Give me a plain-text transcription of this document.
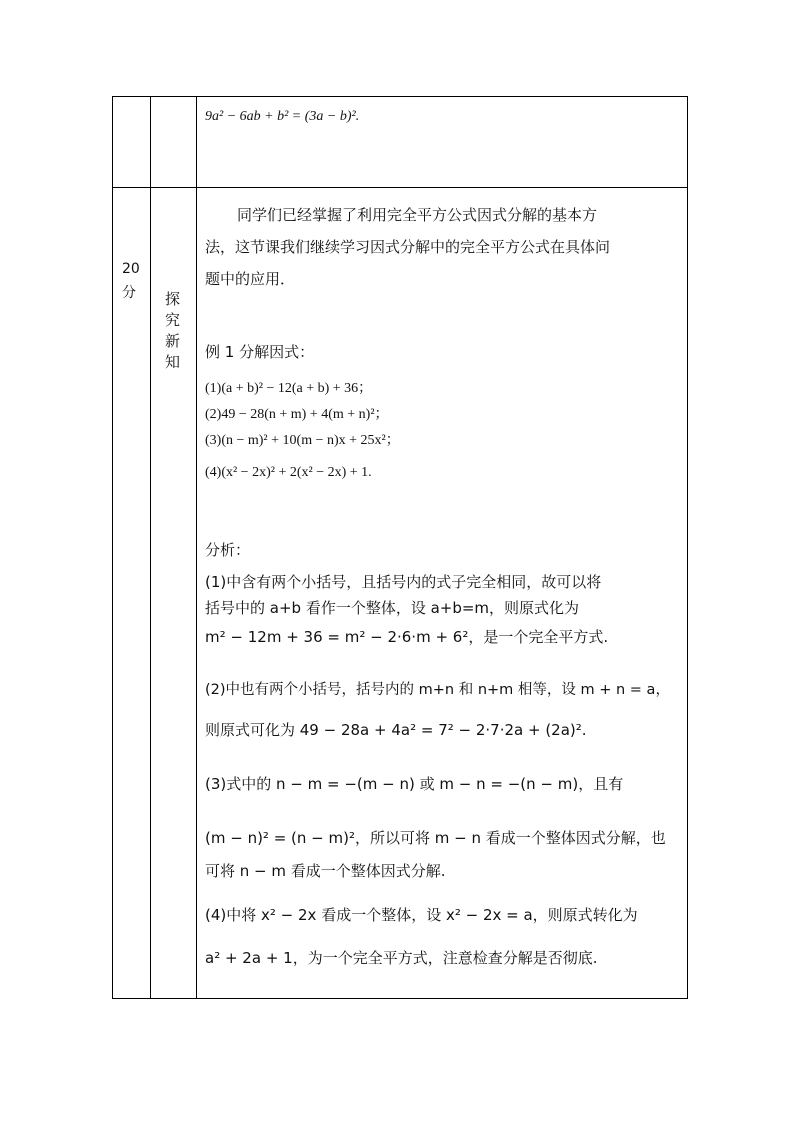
9a² − 6ab + b² = (3a − b)².
20
分 探
究
新
知
同学们已经掌握了利用完全平方公式因式分解的基本方
法，这节课我们继续学习因式分解中的完全平方公式在具体问
题中的应用．
例 1 分解因式：
(1)(a + b)² − 12(a + b) + 36；
(2)49 − 28(n + m) + 4(m + n)²；
(3)(n − m)² + 10(m − n)x + 25x²；
(4)(x² − 2x)² + 2(x² − 2x) + 1.
分析：
(1)中含有两个小括号，且括号内的式子完全相同，故可以将
括号中的 a+b 看作一个整体，设 a+b=m，则原式化为
m² − 12m + 36 = m² − 2·6·m + 6²，是一个完全平方式.
(2)中也有两个小括号，括号内的 m+n 和 n+m 相等，设 m + n = a，
则原式可化为 49 − 28a + 4a² = 7² − 2·7·2a + (2a)².
(3)式中的 n − m = −(m − n) 或 m − n = −(n − m)，且有
(m − n)² = (n − m)²，所以可将 m − n 看成一个整体因式分解，也
可将 n − m 看成一个整体因式分解.
(4)中将 x² − 2x 看成一个整体，设 x² − 2x = a，则原式转化为
a² + 2a + 1，为一个完全平方式，注意检查分解是否彻底.
